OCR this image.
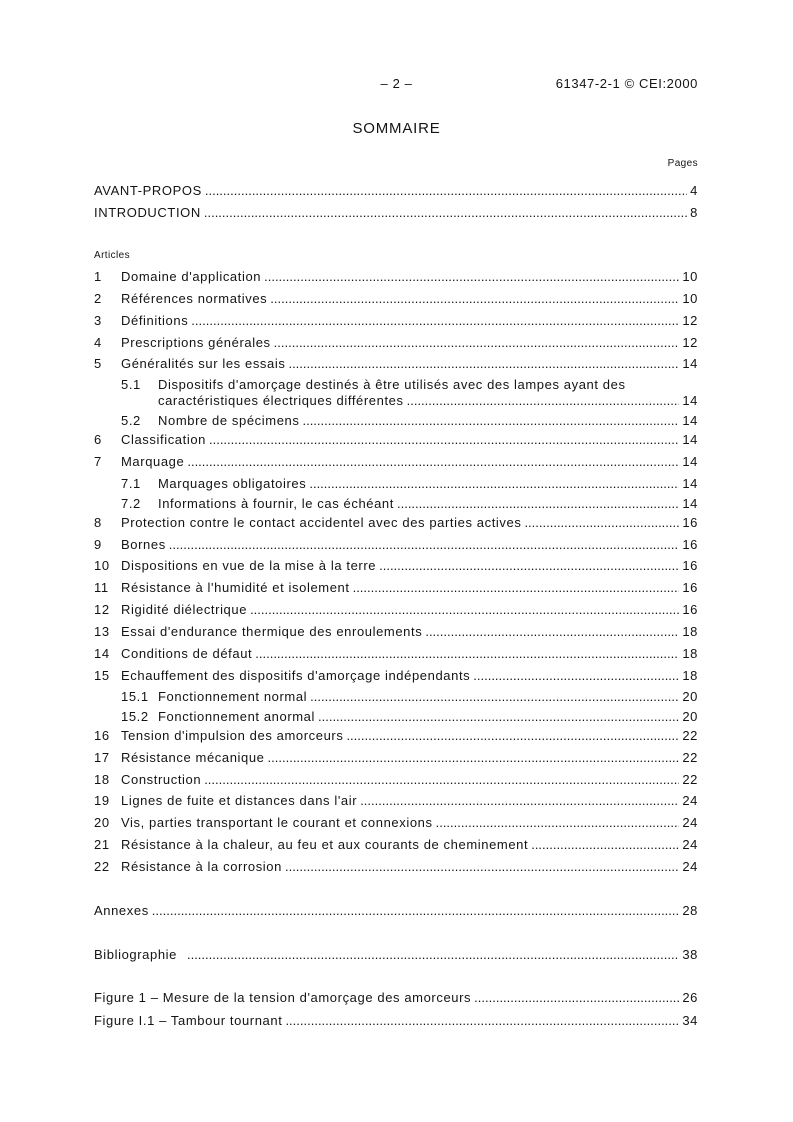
– 2 –	61347-2-1 © CEI:2000
SOMMAIRE
Pages
AVANT-PROPOS .....	4
INTRODUCTION .....	8
Articles
1	Domaine d'application .....	10
2	Références normatives .....	10
3	Définitions .....	12
4	Prescriptions générales .....	12
5	Généralités sur les essais .....	14
5.1	Dispositifs d'amorçage destinés à être utilisés avec des lampes ayant des
caractéristiques électriques différentes .....	14
5.2	Nombre de spécimens .....	14
6	Classification .....	14
7	Marquage .....	14
7.1	Marquages obligatoires .....	14
7.2	Informations à fournir, le cas échéant .....	14
8	Protection contre le contact accidentel avec des parties actives .....	16
9	Bornes .....	16
10 Dispositions en vue de la mise à la terre .....	16
11 Résistance à l'humidité et isolement .....	16
12 Rigidité diélectrique .....	16
13 Essai d'endurance thermique des enroulements .....	18
14 Conditions de défaut .....	18
15 Echauffement des dispositifs d'amorçage indépendants .....	18
15.1 Fonctionnement normal .....	20
15.2 Fonctionnement anormal .....	20
16 Tension d'impulsion des amorceurs .....	22
17 Résistance mécanique .....	22
18 Construction .....	22
19 Lignes de fuite et distances dans l'air .....	24
20 Vis, parties transportant le courant et connexions .....	24
21 Résistance à la chaleur, au feu et aux courants de cheminement .....	24
22 Résistance à la corrosion .....	24
Annexes .....	28
Bibliographie .....	38
Figure 1 – Mesure de la tension d'amorçage des amorceurs .....	26
Figure I.1 – Tambour tournant .....	34
